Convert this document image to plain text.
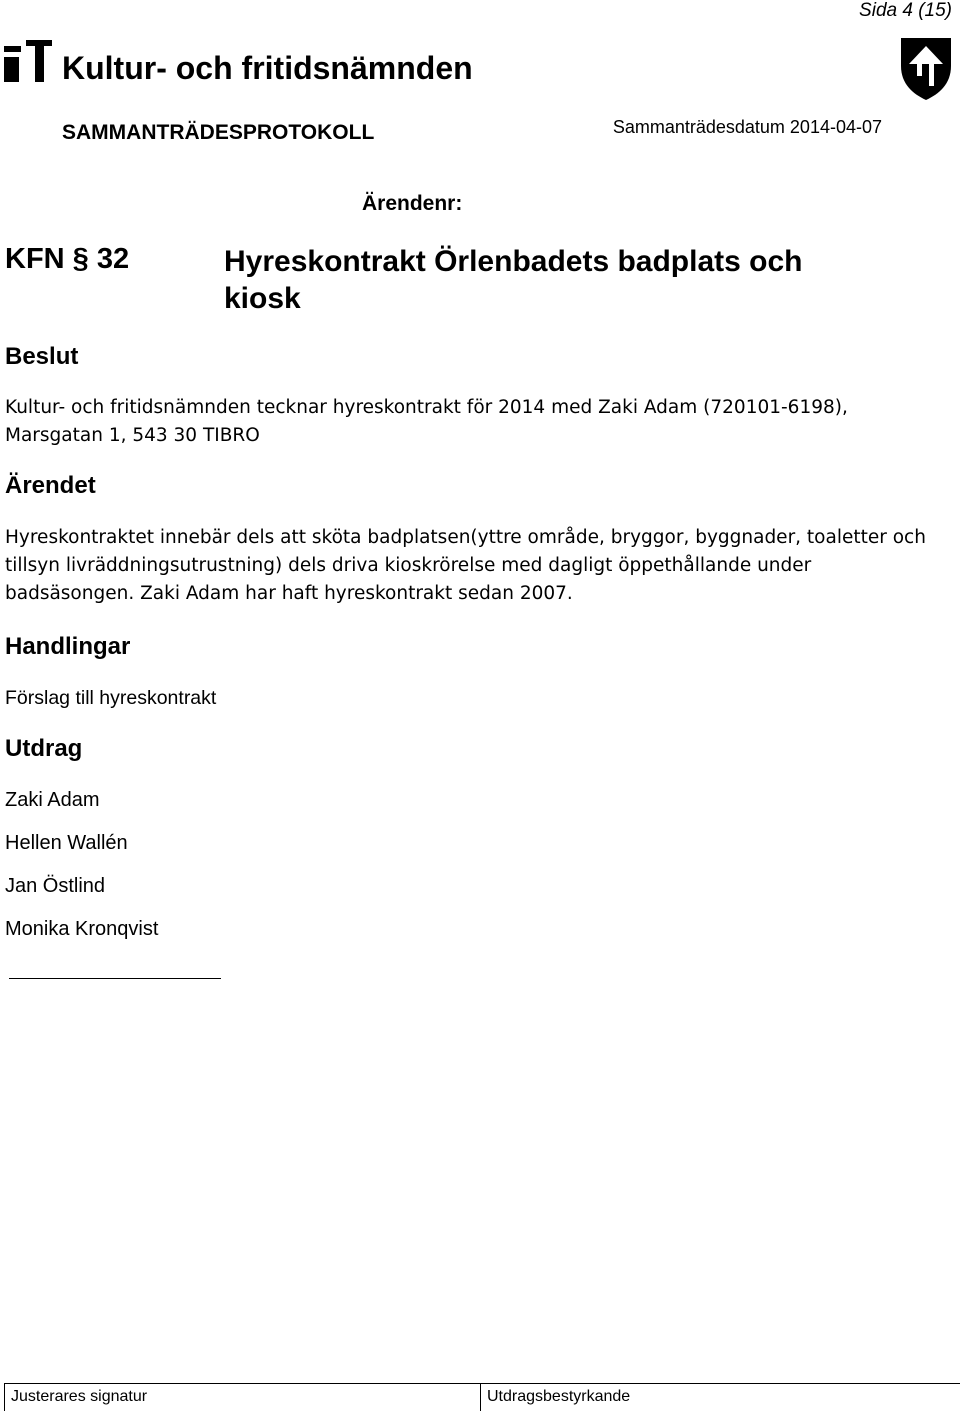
Sida 4 (15)
Kultur- och fritidsnämnden
SAMMANTRÄDESPROTOKOLL	Sammanträdesdatum 2014-04-07
Ärendenr:
KFN § 32	Hyreskontrakt Örlenbadets badplats och kiosk
Beslut
Kultur- och fritidsnämnden tecknar hyreskontrakt för 2014 med Zaki Adam (720101-6198), Marsgatan 1, 543 30 TIBRO
Ärendet
Hyreskontraktet innebär dels att sköta badplatsen(yttre område, bryggor, byggnader, toaletter och tillsyn livräddningsutrustning) dels driva kioskrörelse med dagligt öppethållande under badsäsongen. Zaki Adam har haft hyreskontrakt sedan 2007.
Handlingar
Förslag till hyreskontrakt
Utdrag
Zaki Adam
Hellen Wallén
Jan Östlind
Monika Kronqvist
Justerares signatur	Utdragsbestyrkande
